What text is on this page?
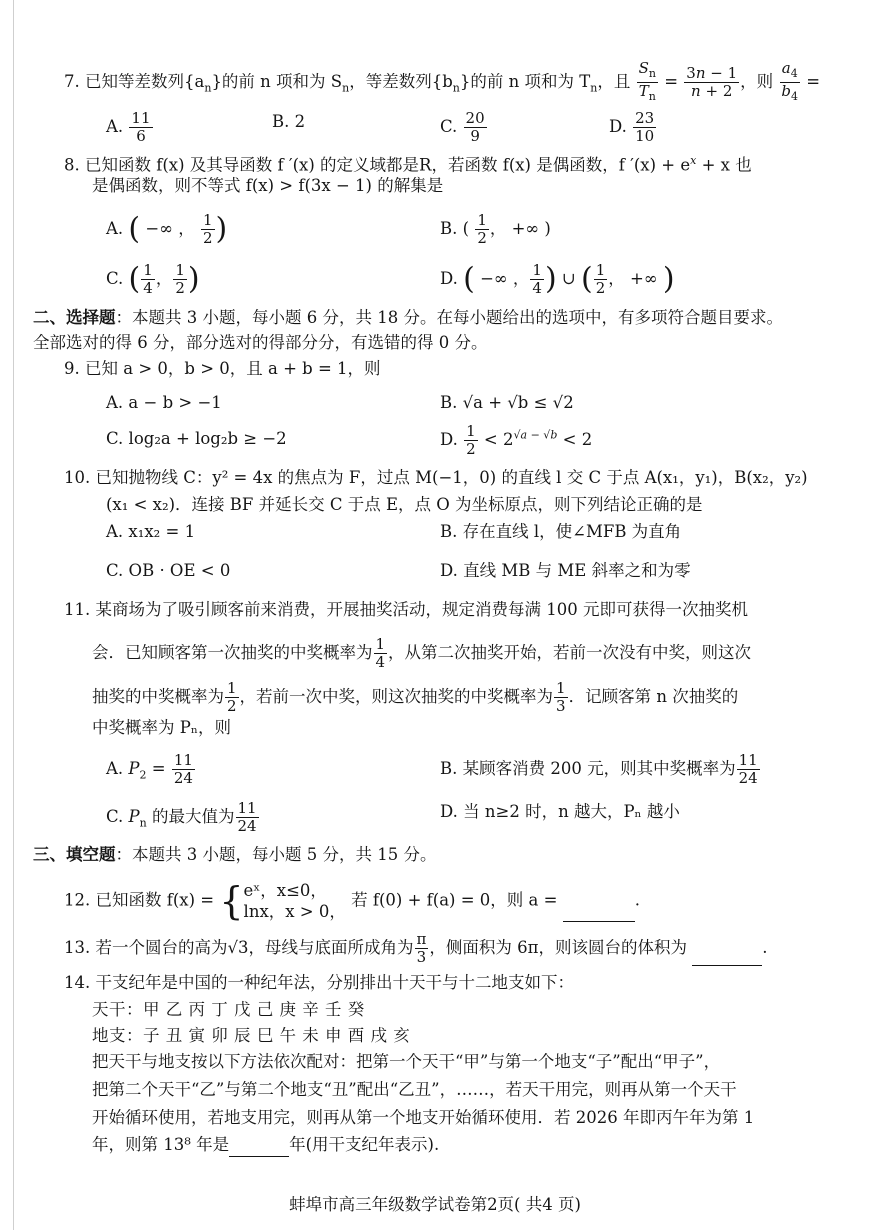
7. 已知等差数列$\{a_n\}$的前 n 项和为 $S_n$，等差数列$\{b_n\}$的前 n 项和为 $T_n$，且 $\frac{S_n}{T_n} = \frac{3n - 1}{n + 2}$ ，则 $\frac{a_4}{b_4}$ =
A. $\frac{11}{6}$	B. 2	C. $\frac{20}{9}$	D. $\frac{23}{10}$
8. 已知函数 f(x) 及其导函数 f ′(x) 的定义域都是R，若函数 f(x) 是偶函数，f $'(x) + e^x + x$ 也
是偶函数，则不等式 f(x) > f(3x − 1) 的解集是
A. ( −∞ ， $\frac{1}{2}$ )	B. ( $\frac{1}{2}$ ， +∞ )
C. ( $\frac{1}{4}$ ， $\frac{1}{2}$ )	D. ( −∞ ， $\frac{1}{4}$ ) ∪ ( $\frac{1}{2}$ ， +∞ )
二、选择题：本题共 3 小题，每小题 6 分，共 18 分。在每小题给出的选项中，有多项符合题目要求。
全部选对的得 6 分，部分选对的得部分分，有选错的得 0 分。
9. 已知 a > 0，b > 0，且 a + b = 1，则
A. a − b > −1	B. √a + √b ≤ √2
C. log₂a + log₂b ≥ −2	D. $\frac{1}{2} < 2^{√a - √b} < 2$
10. 已知抛物线 C：y² = 4x 的焦点为 F，过点 M(−1，0) 的直线 l 交 C 于点 A(x₁，y₁)，B(x₂，y₂)
(x₁ < x₂)．连接 BF 并延长交 C 于点 E，点 O 为坐标原点，则下列结论正确的是
A. x₁x₂ = 1	B. 存在直线 l，使∠MFB 为直角
C. OB · OE < 0	D. 直线 MB 与 ME 斜率之和为零
11. 某商场为了吸引顾客前来消费，开展抽奖活动，规定消费每满 100 元即可获得一次抽奖机
会．已知顾客第一次抽奖的中奖概率为 $\frac{1}{4}$ ，从第二次抽奖开始，若前一次没有中奖，则这次
抽奖的中奖概率为 $\frac{1}{2}$ ，若前一次中奖，则这次抽奖的中奖概率为 $\frac{1}{3}$ ．记顾客第 n 次抽奖的
中奖概率为 Pₙ，则
A. $P_2 = \frac{11}{24}$	B. 某顾客消费 200 元，则其中奖概率为 $\frac{11}{24}$
C. $P_n$ 的最大值为 $\frac{11}{24}$	D. 当 n≥2 时，n 越大，Pₙ 越小
三、填空题：本题共 3 小题，每小题 5 分，共 15 分。
12. 已知函数 f(x) = { eˣ，x≤0，
lnx，x > 0，
若 f(0) + f(a) = 0，则 a =	.
13. 若一个圆台的高为√3，母线与底面所成角为 $\frac{\pi}{3}$ ，侧面积为 6π，则该圆台的体积为	.
14. 干支纪年是中国的一种纪年法，分别排出十天干与十二地支如下：
天干：甲 乙 丙 丁 戊 己 庚 辛 壬 癸
地支：子 丑 寅 卯 辰 巳 午 未 申 酉 戌 亥
把天干与地支按以下方法依次配对：把第一个天干“甲”与第一个地支“子”配出“甲子”，
把第二个天干“乙”与第二个地支“丑”配出“乙丑”，……，若天干用完，则再从第一个天干
开始循环使用，若地支用完，则再从第一个地支开始循环使用．若 2026 年即丙午年为第 1
年，则第 13⁸ 年是	年(用干支纪年表示).
蚌埠市高三年级数学试卷第2页( 共4 页)
